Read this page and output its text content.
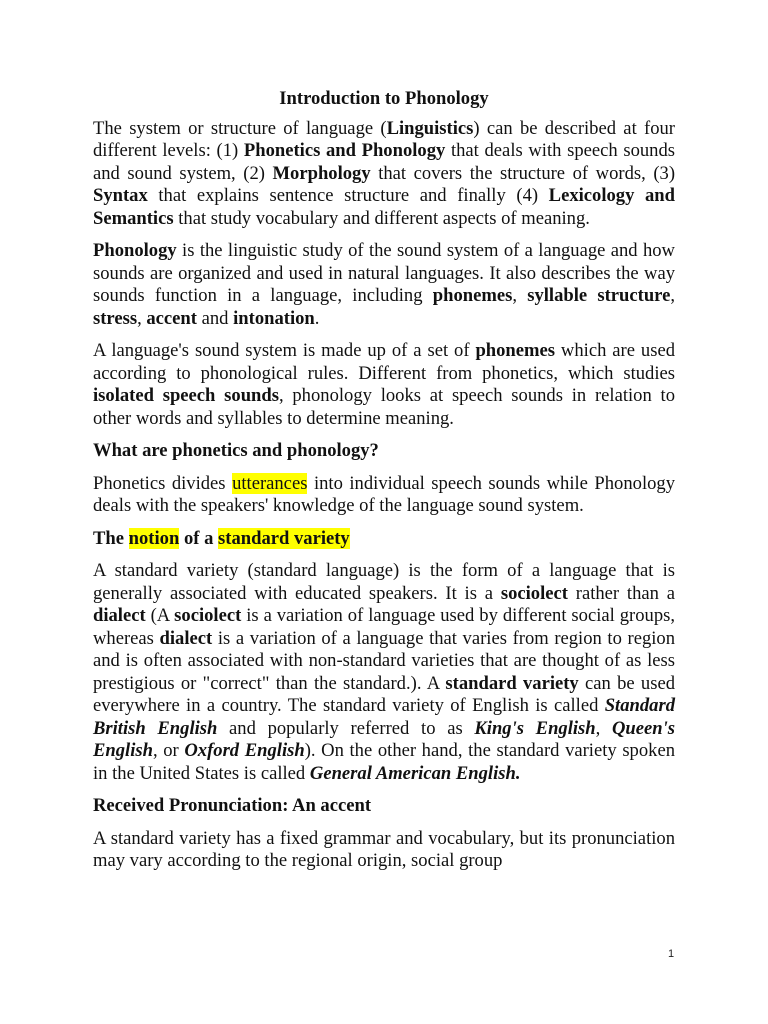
Introduction to Phonology

The system or structure of language (Linguistics) can be described at four different levels: (1) Phonetics and Phonology that deals with speech sounds and sound system, (2) Morphology that covers the structure of words, (3) Syntax that explains sentence structure and finally (4) Lexicology and Semantics that study vocabulary and different aspects of meaning.

Phonology is the linguistic study of the sound system of a language and how sounds are organized and used in natural languages. It also describes the way sounds function in a language, including phonemes, syllable structure, stress, accent and intonation.

A language's sound system is made up of a set of phonemes which are used according to phonological rules. Different from phonetics, which studies isolated speech sounds, phonology looks at speech sounds in relation to other words and syllables to determine meaning.

What are phonetics and phonology?

Phonetics divides utterances into individual speech sounds while Phonology deals with the speakers' knowledge of the language sound system.

The notion of a standard variety

A standard variety (standard language) is the form of a language that is generally associated with educated speakers. It is a sociolect rather than a dialect (A sociolect is a variation of language used by different social groups, whereas dialect is a variation of a language that varies from region to region and is often associated with non-standard varieties that are thought of as less prestigious or "correct" than the standard.). A standard variety can be used everywhere in a country. The standard variety of English is called Standard British English and popularly referred to as King's English, Queen's English, or Oxford English). On the other hand, the standard variety spoken in the United States is called General American English.

Received Pronunciation: An accent

A standard variety has a fixed grammar and vocabulary, but its pronunciation may vary according to the regional origin, social group

1
